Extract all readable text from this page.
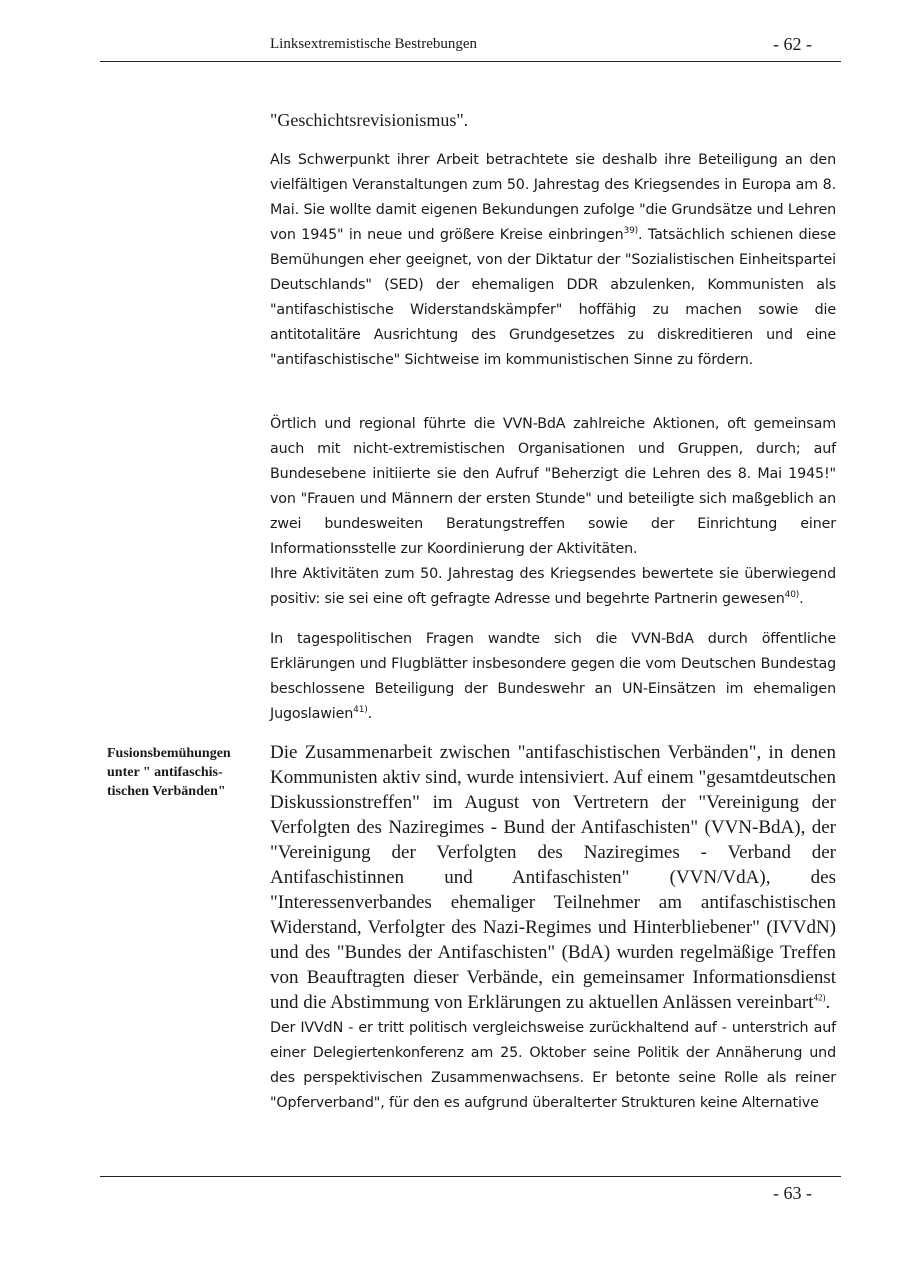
Linksextremistische Bestrebungen	- 62 -
Fusionsbemühungen
unter " antifaschis-
tischen Verbänden"

"Geschichtsrevisionismus".

Als Schwerpunkt ihrer Arbeit betrachtete sie deshalb ihre Beteiligung an den vielfältigen Veranstaltungen zum 50. Jahrestag des Kriegsendes in Europa am 8. Mai. Sie wollte damit eigenen Bekundungen zufolge "die Grundsätze und Lehren von 1945" in neue und größere Kreise einbringen$^{39)}$. Tatsächlich schienen diese Bemühungen eher geeignet, von der Diktatur der "Sozialistischen Einheitspartei Deutschlands" (SED) der ehemaligen DDR abzulenken, Kommunisten als "antifaschistische Widerstandskämpfer" hoffähig zu machen sowie die antitotalitäre Ausrichtung des Grundgesetzes zu diskreditieren und eine "antifaschistische" Sichtweise im kommunistischen Sinne zu fördern.

Örtlich und regional führte die VVN-BdA zahlreiche Aktionen, oft gemeinsam auch mit nicht-extremistischen Organisationen und Gruppen, durch; auf Bundesebene initiierte sie den Aufruf "Beherzigt die Lehren des 8. Mai 1945!" von "Frauen und Männern der ersten Stunde" und beteiligte sich maßgeblich an zwei bundesweiten Beratungstreffen sowie der Einrichtung einer Informationsstelle zur Koordinierung der Aktivitäten.

Ihre Aktivitäten zum 50. Jahrestag des Kriegsendes bewertete sie überwiegend positiv: sie sei eine oft gefragte Adresse und begehrte Partnerin gewesen$^{40)}$.

In tagespolitischen Fragen wandte sich die VVN-BdA durch öffentliche Erklärungen und Flugblätter insbesondere gegen die vom Deutschen Bundestag beschlossene Beteiligung der Bundeswehr an UN-Einsätzen im ehemaligen Jugoslawien$^{41)}$.

Die Zusammenarbeit zwischen "antifaschistischen Verbänden", in denen Kommunisten aktiv sind, wurde intensiviert. Auf einem "gesamtdeutschen Diskussionstreffen" im August von Vertretern der "Vereinigung der Verfolgten des Naziregimes - Bund der Antifaschisten" (VVN-BdA), der "Vereinigung der Verfolgten des Naziregimes - Verband der Antifaschistinnen und Antifaschisten" (VVN/VdA), des "Interessenverbandes ehemaliger Teilnehmer am antifaschistischen Widerstand, Verfolgter des Nazi-Regimes und Hinterbliebener" (IVVdN) und des "Bundes der Antifaschisten" (BdA) wurden regelmäßige Treffen von Beauftragten dieser Verbände, ein gemeinsamer Informationsdienst und die Abstimmung von Erklärungen zu aktuellen Anlässen vereinbart$^{42)}$.

Der IVVdN - er tritt politisch vergleichsweise zurückhaltend auf - unterstrich auf einer Delegiertenkonferenz am 25. Oktober seine Politik der Annäherung und des perspektivischen Zusammenwachsens. Er betonte seine Rolle als reiner "Opferverband", für den es aufgrund überalterter Strukturen keine Alternative

- 63 -
